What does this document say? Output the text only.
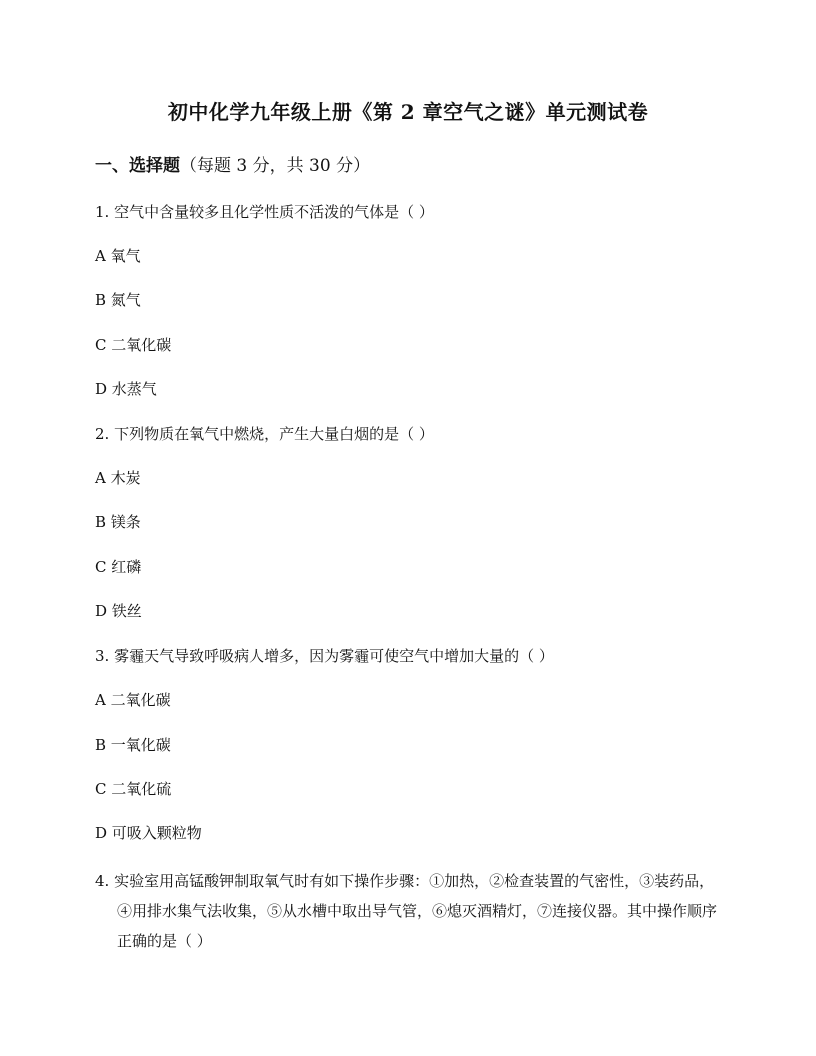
初中化学九年级上册《第 2 章空气之谜》单元测试卷
一、选择题（每题 3 分，共 30 分）
1. 空气中含量较多且化学性质不活泼的气体是（ ）
A 氧气
B 氮气
C 二氧化碳
D 水蒸气
2. 下列物质在氧气中燃烧，产生大量白烟的是（ ）
A 木炭
B 镁条
C 红磷
D 铁丝
3. 雾霾天气导致呼吸病人增多，因为雾霾可使空气中增加大量的（ ）
A 二氧化碳
B 一氧化碳
C 二氧化硫
D 可吸入颗粒物
4. 实验室用高锰酸钾制取氧气时有如下操作步骤：①加热，②检查装置的气密性，③装药品，④用排水集气法收集，⑤从水槽中取出导气管，⑥熄灭酒精灯，⑦连接仪器。其中操作顺序正确的是（ ）
